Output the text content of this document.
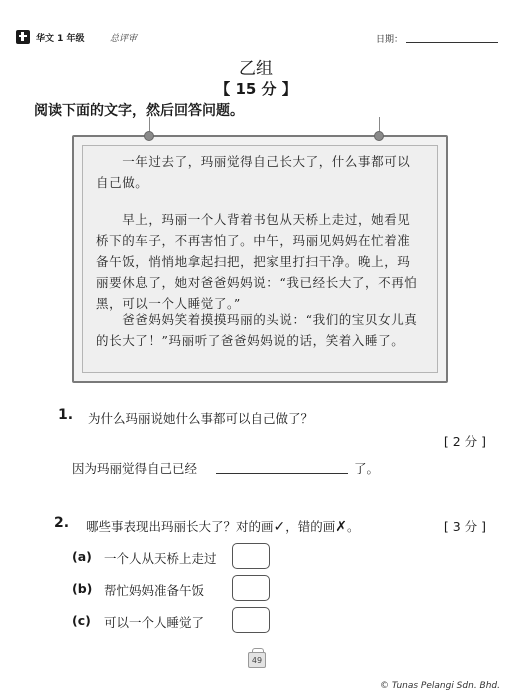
华文 1 年级	总评审	日期：
乙组
【 15 分 】
阅读下面的文字，然后回答问题。

　　一年过去了，玛丽觉得自己长大了，什么事都可以自己做。

　　早上，玛丽一个人背着书包从天桥上走过，她看见桥下的车子，不再害怕了。中午，玛丽见妈妈在忙着准备午饭，悄悄地拿起扫把，把家里打扫干净。晚上，玛丽要休息了，她对爸爸妈妈说：“我已经长大了，不再怕黑，可以一个人睡觉了。”

　　爸爸妈妈笑着摸摸玛丽的头说：“我们的宝贝女儿真的长大了！”玛丽听了爸爸妈妈说的话，笑着入睡了。

1. 为什么玛丽说她什么事都可以自己做了？
[ 2 分 ]
因为玛丽觉得自己已经	了。
2. 哪些事表现出玛丽长大了？对的画✓，错的画✗。	[ 3 分 ]
(a) 一个人从天桥上走过
(b) 帮忙妈妈准备午饭
(c) 可以一个人睡觉了
49
© Tunas Pelangi Sdn. Bhd.
